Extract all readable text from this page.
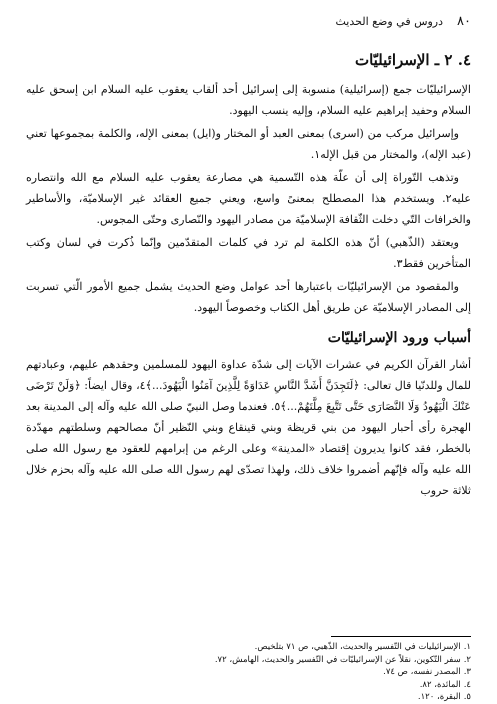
٨٠
دروس في وضع الحديث
٤. ٢ ـ الإسرائيليّات

الإسرائيليّات جمع (إسرائيلية) منسوبة إلى إسرائيل أحد ألقاب يعقوب عليه السلام ابن إسحق عليه السلام وحفيد إبراهيم عليه السلام، وإليه ينسب اليهود.

وإسرائيل مركب من (اسرى) بمعنى العبد أو المختار و(ايل) بمعنى الإله، والكلمة بمجموعها تعني (عبد الإله)، والمختار من قبل الإله١.

وتذهب التّوراة إلى أن علّة هذه التّسمية هي مصارعة يعقوب عليه السلام مع الله وانتصاره عليه٢. ويستخدم هذا المصطلح بمعنىً واسع، ويعني جميع العقائد غير الإسلاميّة، والأساطير والخرافات التّي دخلت الثّقافة الإسلاميّة من مصادر اليهود والنّصارى وحتّى المجوس.

ويعتقد (الذّهبي) أنّ هذه الكلمة لم ترد في كلمات المتقدّمين وإنّما ذُكرت في لسان وكتب المتأخرين فقط٣.

والمقصود من الإسرائيليّات باعتبارها أحد عوامل وضع الحديث يشمل جميع الأمور الّتي تسربت إلى المصادر الإسلاميّة عن طريق أهل الكتاب وخصوصاً اليهود.

أسباب ورود الإسرائيليّات

أشار القرآن الكريم في عشرات الآيات إلى شدّة عداوة اليهود للمسلمين وحقدهم عليهم، وعبادتهم للمال وللدنّيا قال تعالى: ﴿لَتَجِدَنَّ أَشَدَّ النَّاسِ عَدَاوَةً لِلَّذِينَ آمَنُوا الْيَهُودَ...﴾٤، وقال ايضاً: ﴿وَلَنْ تَرْضَى عَنْكَ الْيَهُودُ وَلَا النَّصَارَى حَتَّى تَتَّبِعَ مِلَّتَهُمْ...﴾٥. فعندما وصل النبيّ صلى الله عليه وآله إلى المدينة بعد الهجرة رأى أحبار اليهود من بني قريظة وبني قينقاع وبني النّظير أنّ مصالحهم وسلطتهم مهدّدة بالخطر، فقد كانوا يديرون إقتصاد «المدينة» وعلى الرغم من إبرامهم للعقود مع رسول الله صلى الله عليه وآله فإنّهم أضمروا خلاف ذلك، ولهذا تصدّى لهم رسول الله صلى الله عليه وآله بحزم خلال ثلاثة حروب

١.الإسرائيليات في التّفسير والحديث، الذّهبي، ص ٧١ بتلخيص.

٢.سفر التّكوين، نقلاً عن الإسرائيليّات في التّفسير والحديث، الهامش، ٧٢.

٣.المصدر نفسه، ص ٧٤.

٤.المائدة، ٨٢.

٥.البقرة، ١٢٠.
